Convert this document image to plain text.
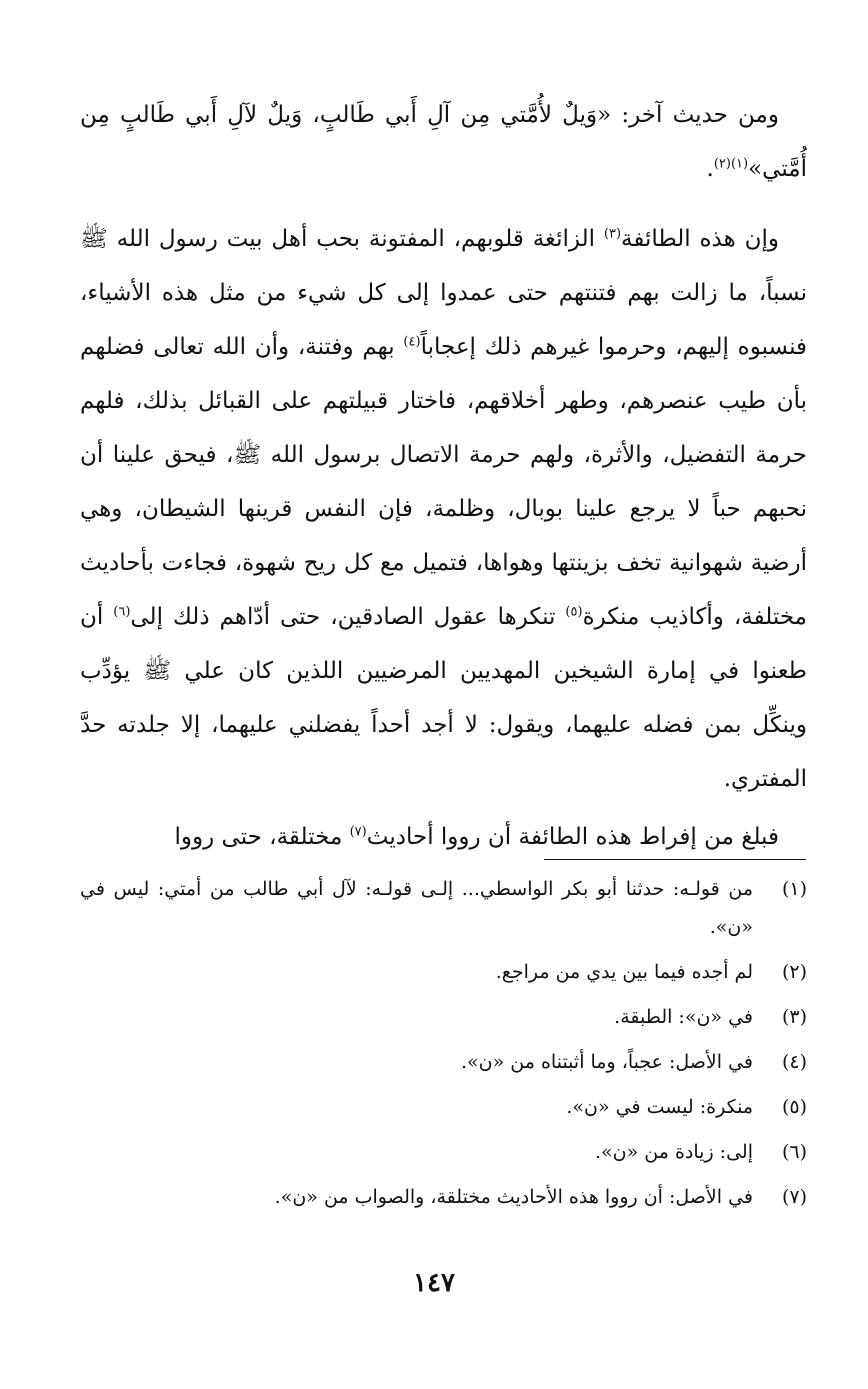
ومن حديث آخر: «وَيلٌ لأُمَّتي مِن آلِ أَبي طَالبٍ، وَيلٌ لآلِ أَبي طَالبٍ مِن أُمَّتي»$^{(١)(٢)}$.

وإن هذه الطائفة$^{(٣)}$ الزائغة قلوبهم، المفتونة بحب أهل بيت رسول الله ﷺ نسباً، ما زالت بهم فتنتهم حتى عمدوا إلى كل شيء من مثل هذه الأشياء، فنسبوه إليهم، وحرموا غيرهم ذلك إعجاباً$^{(٤)}$ بهم وفتنة، وأن الله تعالى فضلهم بأن طيب عنصرهم، وطهر أخلاقهم، فاختار قبيلتهم على القبائل بذلك، فلهم حرمة التفضيل، والأثرة، ولهم حرمة الاتصال برسول الله ﷺ، فيحق علينا أن نحبهم حباً لا يرجع علينا بوبال، وظلمة، فإن النفس قرينها الشيطان، وهي أرضية شهوانية تخف بزينتها وهواها، فتميل مع كل ريح شهوة، فجاءت بأحاديث مختلفة، وأكاذيب منكرة$^{(٥)}$ تنكرها عقول الصادقين، حتى أدّاهم ذلك إلى$^{(٦)}$ أن طعنوا في إمارة الشيخين المهديين المرضيين اللذين كان علي ﷺ يؤدِّب وينكِّل بمن فضله عليهما، ويقول: لا أجد أحداً يفضلني عليهما، إلا جلدته حدَّ المفتري.

فبلغ من إفراط هذه الطائفة أن رووا أحاديث$^{(٧)}$ مختلقة، حتى رووا

(١)
من قولـه: حدثنا أبو بكر الواسطي... إلـى قولـه: لآل أبي طالب من أمتي: ليس في «ن».
(٢)
لم أجده فيما بين يدي من مراجع.
(٣)
في «ن»: الطبقة.
(٤)
في الأصل: عجباً، وما أثبتناه من «ن».
(٥)
منكرة: ليست في «ن».
(٦)
إلى: زيادة من «ن».
(٧)
في الأصل: أن رووا هذه الأحاديث مختلقة، والصواب من «ن».
١٤٧
